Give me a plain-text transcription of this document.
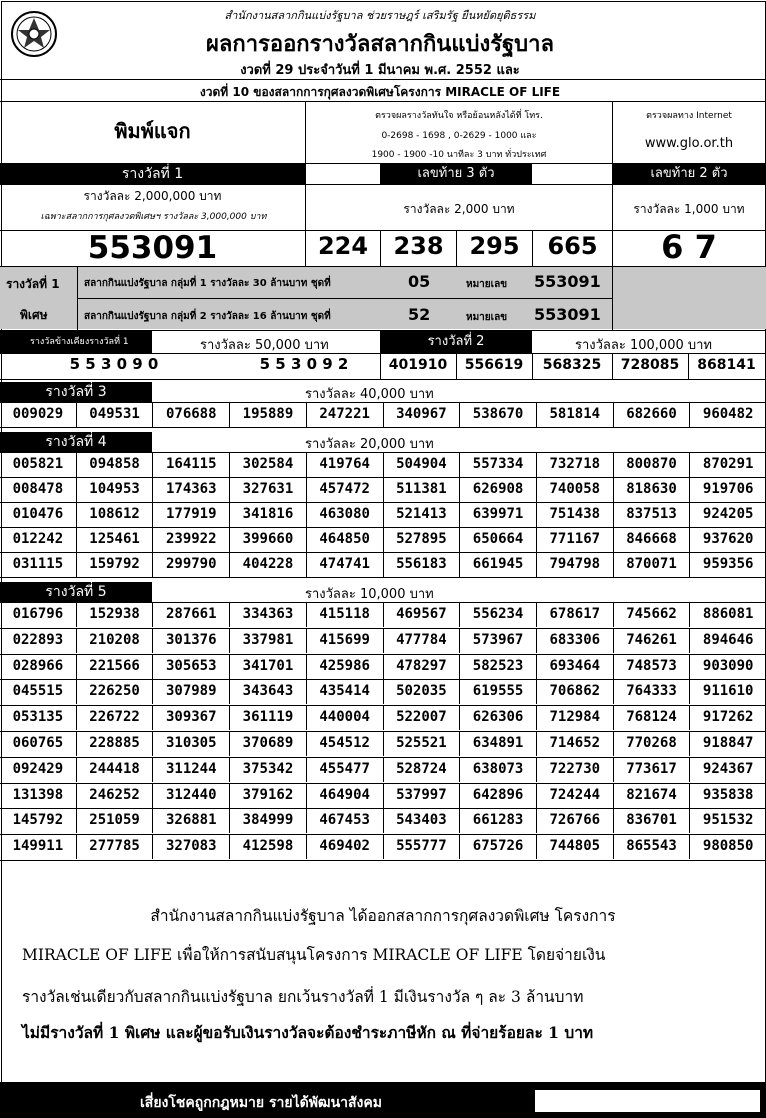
สำนักงานสลากกินแบ่งรัฐบาล ช่วยราษฎร์ เสริมรัฐ ยืนหยัดยุติธรรม
ผลการออกรางวัลสลากกินแบ่งรัฐบาล
งวดที่ 29 ประจำวันที่ 1 มีนาคม พ.ศ. 2552 และ
งวดที่ 10 ของสลากการกุศลงวดพิเศษโครงการ MIRACLE OF LIFE
พิมพ์แจก
ตรวจผลรางวัลทันใจ หรือย้อนหลังได้ที่ โทร.
0-2698 - 1698 , 0-2629 - 1000 และ
1900 - 1900 -10 นาทีละ 3 บาท ทั่วประเทศ
ตรวจผลทาง Internet
www.glo.or.th
รางวัลที่ 1	เลขท้าย 3 ตัว	เลขท้าย 2 ตัว
รางวัลละ 2,000,000 บาท
เฉพาะสลากการกุศลงวดพิเศษฯ รางวัลละ 3,000,000 บาท
รางวัลละ 2,000 บาท	รางวัลละ 1,000 บาท
553091	224	238	295	665	6 7
รางวัลที่ 1
พิเศษ
สลากกินแบ่งรัฐบาล กลุ่มที่ 1 รางวัลละ 30 ล้านบาท ชุดที่	05	หมายเลข 553091
สลากกินแบ่งรัฐบาล กลุ่มที่ 2 รางวัลละ 16 ล้านบาท ชุดที่	52	หมายเลข 553091
รางวัลข้างเคียงรางวัลที่ 1	รางวัลละ 50,000 บาท	รางวัลที่ 2	รางวัลละ 100,000 บาท
5 5 3 0 9 0	5 5 3 0 9 2	401910	556619	568325	728085	868141
รางวัลที่ 3	รางวัลละ 40,000 บาท
009029	049531	076688	195889	247221	340967	538670	581814	682660	960482
รางวัลที่ 4	รางวัลละ 20,000 บาท
005821	094858	164115	302584	419764	504904	557334	732718	800870	870291
008478	104953	174363	327631	457472	511381	626908	740058	818630	919706
010476	108612	177919	341816	463080	521413	639971	751438	837513	924205
012242	125461	239922	399660	464850	527895	650664	771167	846668	937620
031115	159792	299790	404228	474741	556183	661945	794798	870071	959356
รางวัลที่ 5	รางวัลละ 10,000 บาท
016796	152938	287661	334363	415118	469567	556234	678617	745662	886081
022893	210208	301376	337981	415699	477784	573967	683306	746261	894646
028966	221566	305653	341701	425986	478297	582523	693464	748573	903090
045515	226250	307989	343643	435414	502035	619555	706862	764333	911610
053135	226722	309367	361119	440004	522007	626306	712984	768124	917262
060765	228885	310305	370689	454512	525521	634891	714652	770268	918847
092429	244418	311244	375342	455477	528724	638073	722730	773617	924367
131398	246252	312440	379162	464904	537997	642896	724244	821674	935838
145792	251059	326881	384999	467453	543403	661283	726766	836701	951532
149911	277785	327083	412598	469402	555777	675726	744805	865543	980850
สำนักงานสลากกินแบ่งรัฐบาล ได้ออกสลากการกุศลงวดพิเศษ โครงการ
MIRACLE OF LIFE เพื่อให้การสนับสนุนโครงการ MIRACLE OF LIFE โดยจ่ายเงิน
รางวัลเช่นเดียวกับสลากกินแบ่งรัฐบาล ยกเว้นรางวัลที่ 1 มีเงินรางวัล ๆ ละ 3 ล้านบาท
ไม่มีรางวัลที่ 1 พิเศษ และผู้ขอรับเงินรางวัลจะต้องชำระภาษีหัก ณ ที่จ่ายร้อยละ 1 บาท
เสี่ยงโชคถูกกฎหมาย รายได้พัฒนาสังคม
